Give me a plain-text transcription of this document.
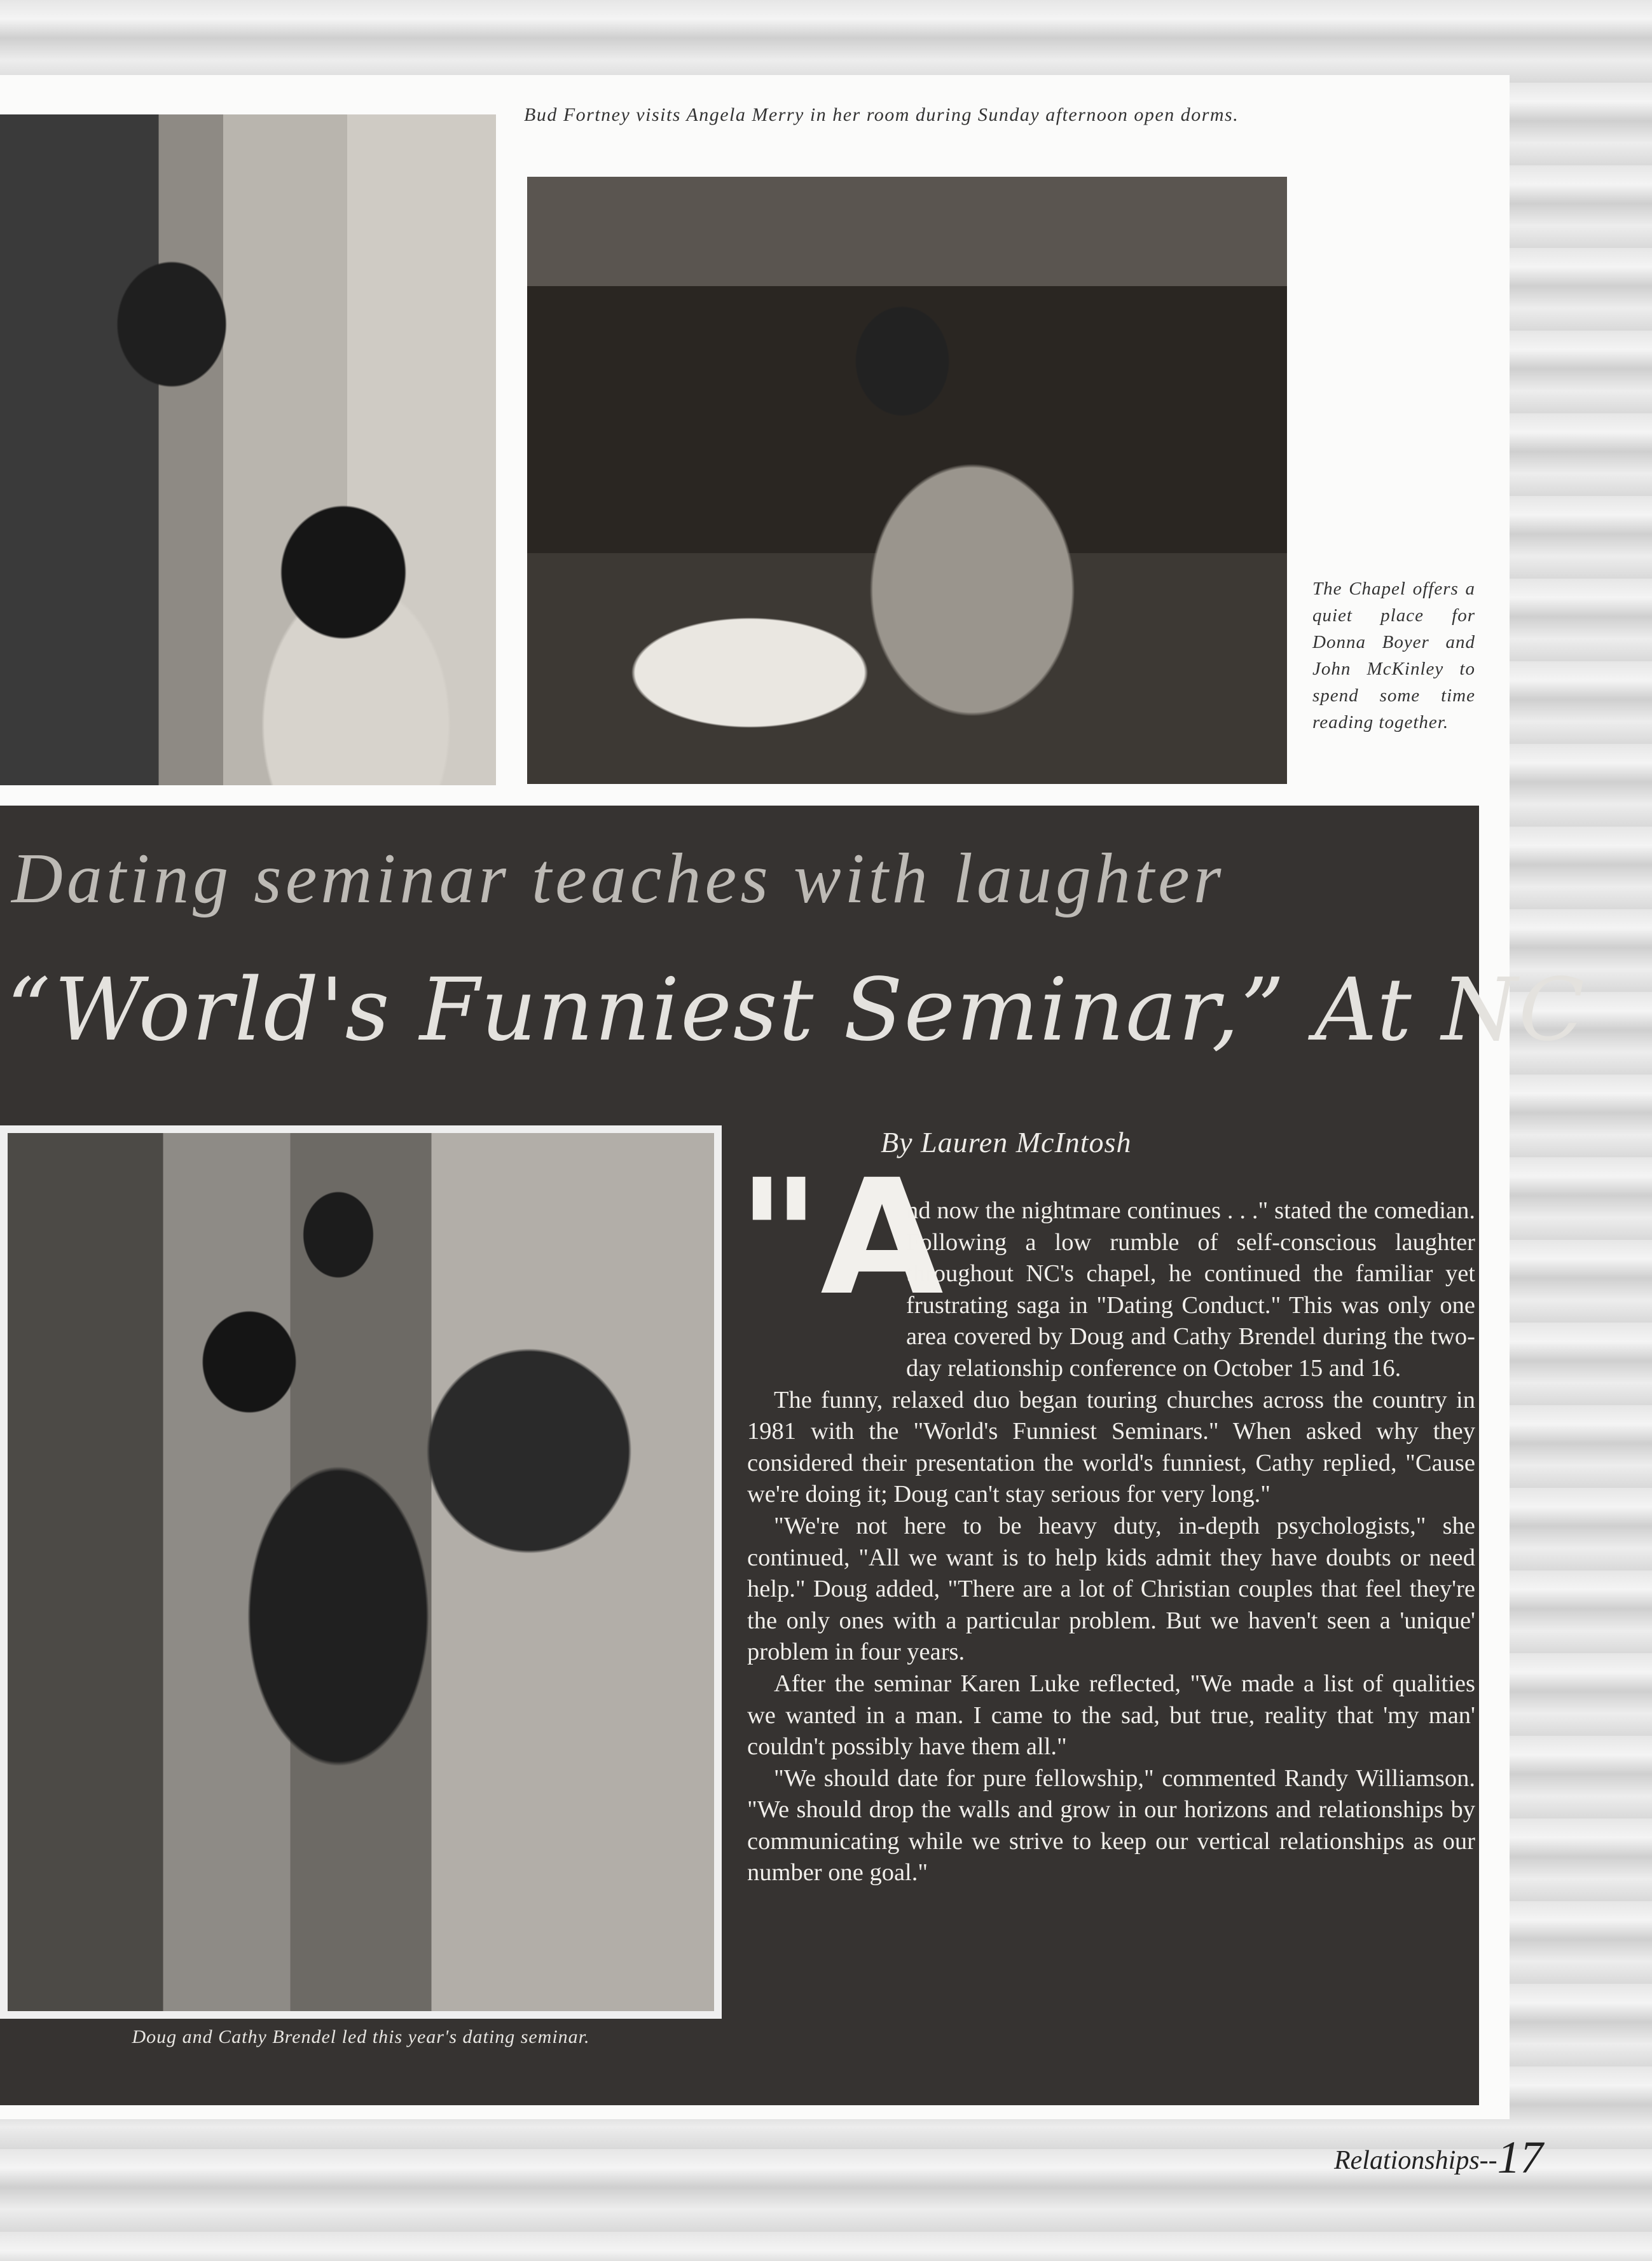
Bud Fortney visits Angela Merry in her room during Sunday afternoon open dorms.
The Chapel offers a quiet place for Donna Boyer and John McKinley to spend some time reading together.
Dating seminar teaches with laughter
“World's Funniest Seminar,” At NC
Doug and Cathy Brendel led this year's dating seminar.
By Lauren McIntosh
"A

nd now the nightmare continues . . ." stated the comedian. Following a low rumble of self-conscious laughter throughout NC's chapel, he continued the familiar yet frustrating saga in "Dating Conduct." This was only one area covered by Doug and Cathy Brendel during the two-day relationship conference on October 15 and 16.

The funny, relaxed duo began touring churches across the country in 1981 with the "World's Funniest Seminars." When asked why they considered their presentation the world's funniest, Cathy replied, "Cause we're doing it; Doug can't stay serious for very long."

"We're not here to be heavy duty, in-depth psychologists," she continued, "All we want is to help kids admit they have doubts or need help." Doug added, "There are a lot of Christian couples that feel they're the only ones with a particular problem. But we haven't seen a 'unique' problem in four years.

After the seminar Karen Luke reflected, "We made a list of qualities we wanted in a man. I came to the sad, but true, reality that 'my man' couldn't possibly have them all."

"We should date for pure fellowship," commented Randy Williamson. "We should drop the walls and grow in our horizons and relationships by communicating while we strive to keep our vertical relationships as our number one goal."

Relationships--17
